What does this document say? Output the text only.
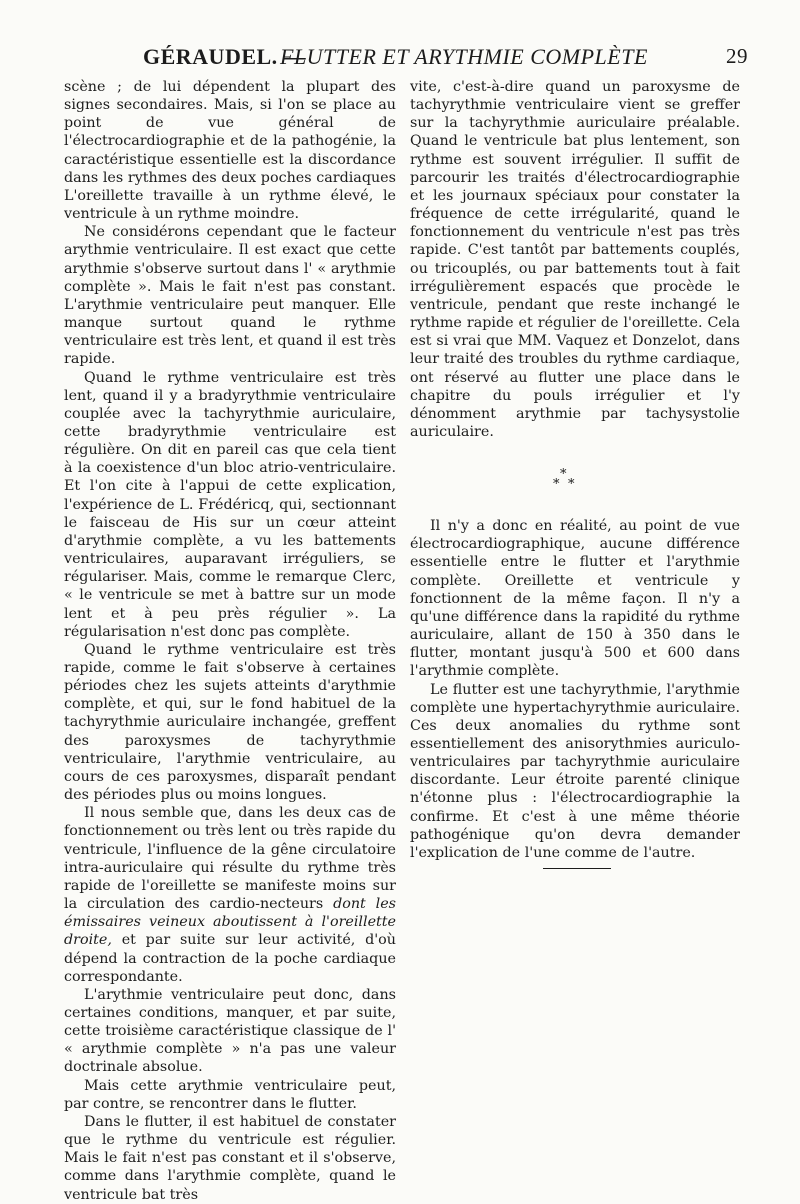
GÉRAUDEL. —
FLUTTER ET ARYTHMIE COMPLÈTE	29

scène ; de lui dépendent la plupart des signes secondaires. Mais, si l'on se place au point de vue général de l'électrocardiographie et de la pathogénie, la caractéristique essentielle est la discordance dans les rythmes des deux poches cardiaques L'oreillette travaille à un rythme élevé, le ventricule à un rythme moindre.

Ne considérons cependant que le facteur arythmie ventriculaire. Il est exact que cette arythmie s'observe surtout dans l' « arythmie complète ». Mais le fait n'est pas constant. L'arythmie ventriculaire peut manquer. Elle manque surtout quand le rythme ventriculaire est très lent, et quand il est très rapide.

Quand le rythme ventriculaire est très lent, quand il y a bradyrythmie ventriculaire couplée avec la tachyrythmie auriculaire, cette bradyrythmie ventriculaire est régulière. On dit en pareil cas que cela tient à la coexistence d'un bloc atrio-ventriculaire. Et l'on cite à l'appui de cette explication, l'expérience de L. Frédéricq, qui, sectionnant le faisceau de His sur un cœur atteint d'arythmie complète, a vu les battements ventriculaires, auparavant irréguliers, se régulariser. Mais, comme le remarque Clerc, « le ventricule se met à battre sur un mode lent et à peu près régulier ». La régularisation n'est donc pas complète.

Quand le rythme ventriculaire est très rapide, comme le fait s'observe à certaines périodes chez les sujets atteints d'arythmie complète, et qui, sur le fond habituel de la tachyrythmie auriculaire inchangée, greffent des paroxysmes de tachyrythmie ventriculaire, l'arythmie ventriculaire, au cours de ces paroxysmes, disparaît pendant des périodes plus ou moins longues.

Il nous semble que, dans les deux cas de fonctionnement ou très lent ou très rapide du ventricule, l'influence de la gêne circulatoire intra-auriculaire qui résulte du rythme très rapide de l'oreillette se manifeste moins sur la circulation des cardio-necteurs dont les émissaires veineux aboutissent à l'oreillette droite, et par suite sur leur activité, d'où dépend la contraction de la poche cardiaque correspondante.

L'arythmie ventriculaire peut donc, dans certaines conditions, manquer, et par suite, cette troisième caractéristique classique de l' « arythmie complète » n'a pas une valeur doctrinale absolue.

Mais cette arythmie ventriculaire peut, par contre, se rencontrer dans le flutter.

Dans le flutter, il est habituel de constater que le rythme du ventricule est régulier. Mais le fait n'est pas constant et il s'observe, comme dans l'arythmie complète, quand le ventricule bat très

vite, c'est-à-dire quand un paroxysme de tachyrythmie ventriculaire vient se greffer sur la tachyrythmie auriculaire préalable. Quand le ventricule bat plus lentement, son rythme est souvent irrégulier. Il suffit de parcourir les traités d'électrocardiographie et les journaux spéciaux pour constater la fréquence de cette irrégularité, quand le fonctionnement du ventricule n'est pas très rapide. C'est tantôt par battements couplés, ou tricouplés, ou par battements tout à fait irrégulièrement espacés que procède le ventricule, pendant que reste inchangé le rythme rapide et régulier de l'oreillette. Cela est si vrai que MM. Vaquez et Donzelot, dans leur traité des troubles du rythme cardiaque, ont réservé au flutter une place dans le chapitre du pouls irrégulier et l'y dénomment arythmie par tachysystolie auriculaire.

*
* *

Il n'y a donc en réalité, au point de vue électrocardiographique, aucune différence essentielle entre le flutter et l'arythmie complète. Oreillette et ventricule y fonctionnent de la même façon. Il n'y a qu'une différence dans la rapidité du rythme auriculaire, allant de 150 à 350 dans le flutter, montant jusqu'à 500 et 600 dans l'arythmie complète.

Le flutter est une tachyrythmie, l'arythmie complète une hypertachyrythmie auriculaire. Ces deux anomalies du rythme sont essentiellement des anisorythmies auriculo-ventriculaires par tachyrythmie auriculaire discordante. Leur étroite parenté clinique n'étonne plus : l'électrocardiographie la confirme. Et c'est à une même théorie pathogénique qu'on devra demander l'explication de l'une comme de l'autre.
